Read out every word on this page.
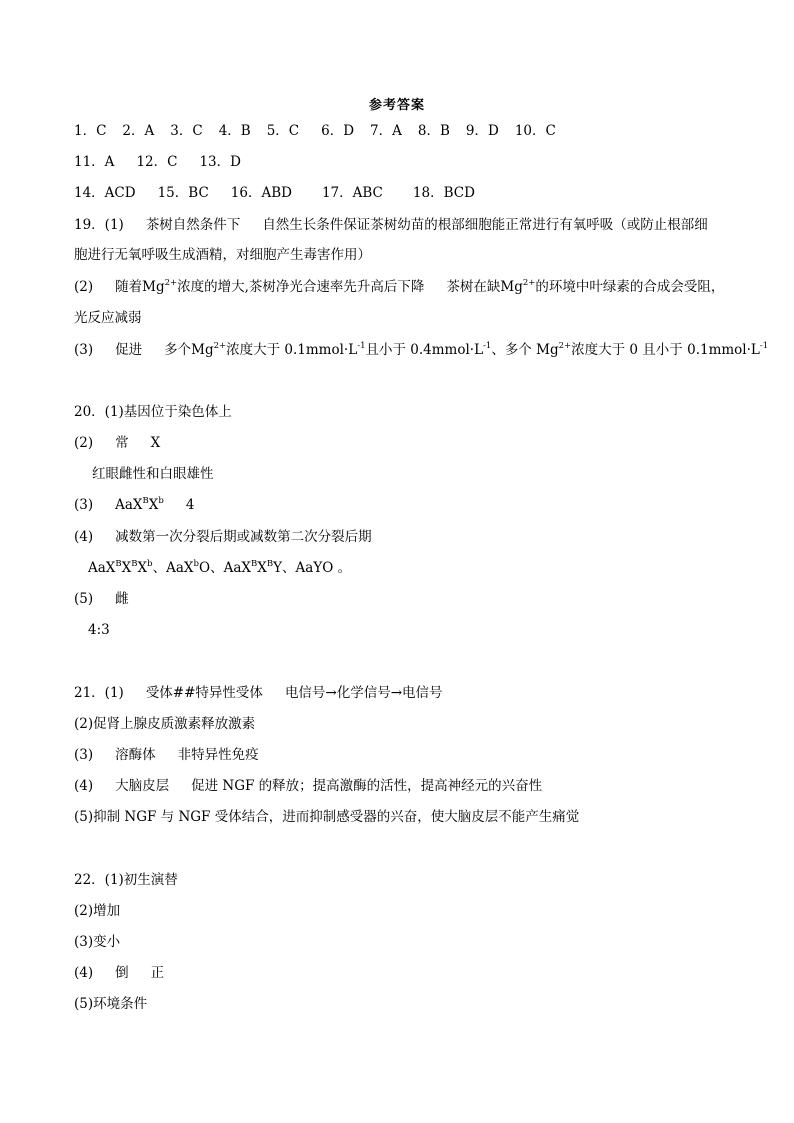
参考答案
1．C 2．A 3．C 4．B 5．C 6．D 7．A 8．B 9．D 10．C
11．A 12．C 13．D
14．ACD 15．BC 16．ABD 17．ABC 18．BCD
19．(1) 茶树自然条件下 自然生长条件保证茶树幼苗的根部细胞能正常进行有氧呼吸（或防止根部细
胞进行无氧呼吸生成酒精，对细胞产生毒害作用）
(2) 随着$Mg^{2+}$浓度的增大,茶树净光合速率先升高后下降 茶树在缺$Mg^{2+}$的环境中叶绿素的合成会受阻，
光反应减弱
(3) 促进 多个$Mg^{2+}$浓度大于 $0.1mmol\cdot L^{-1}$且小于 $0.4mmol\cdot L^{-1}$、多个 $Mg^{2+}$浓度大于 0 且小于 $0.1mmol\cdot L^{-1}$
20．(1)基因位于染色体上
(2) 常 X
红眼雌性和白眼雄性
(3) $AaX^BX^b$ 4
(4) 减数第一次分裂后期或减数第二次分裂后期
$AaX^BX^BX^b$、AaX$^b$O、$AaX^BX^BY$、AaYO 。
(5) 雌
4:3
21．(1) 受体##特异性受体 电信号→化学信号→电信号
(2)促肾上腺皮质激素释放激素
(3) 溶酶体 非特异性免疫
(4) 大脑皮层 促进 NGF 的释放；提高激酶的活性，提高神经元的兴奋性
(5)抑制 NGF 与 NGF 受体结合，进而抑制感受器的兴奋，使大脑皮层不能产生痛觉
22．(1)初生演替
(2)增加
(3)变小
(4) 倒 正
(5)环境条件
